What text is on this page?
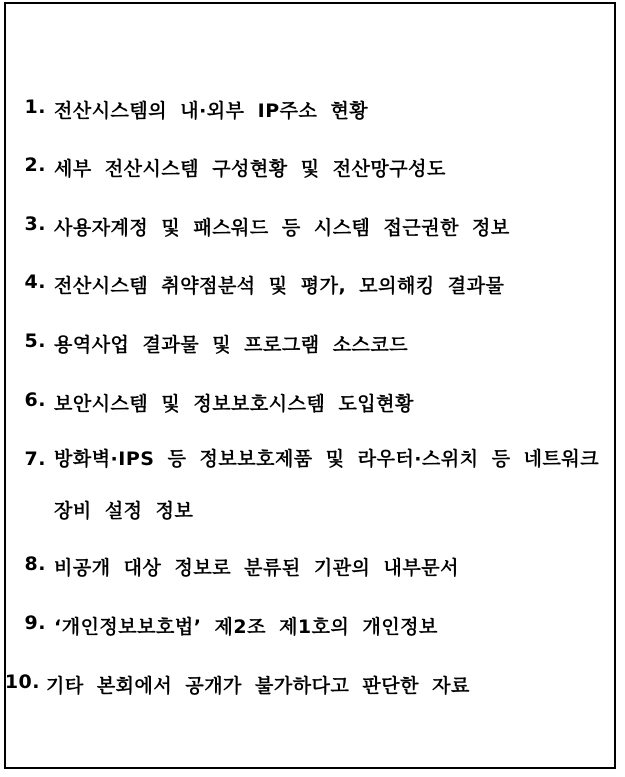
1. 전산시스템의 내·외부 IP주소 현황
2. 세부 전산시스템 구성현황 및 전산망구성도
3. 사용자계정 및 패스워드 등 시스템 접근권한 정보
4. 전산시스템 취약점분석 및 평가, 모의해킹 결과물
5. 용역사업 결과물 및 프로그램 소스코드
6. 보안시스템 및 정보보호시스템 도입현황
7. 방화벽·IPS 등 정보보호제품 및 라우터·스위치 등 네트워크 장비 설정 정보
8. 비공개 대상 정보로 분류된 기관의 내부문서
9. ‘개인정보보호법’ 제2조 제1호의 개인정보
10. 기타 본회에서 공개가 불가하다고 판단한 자료
